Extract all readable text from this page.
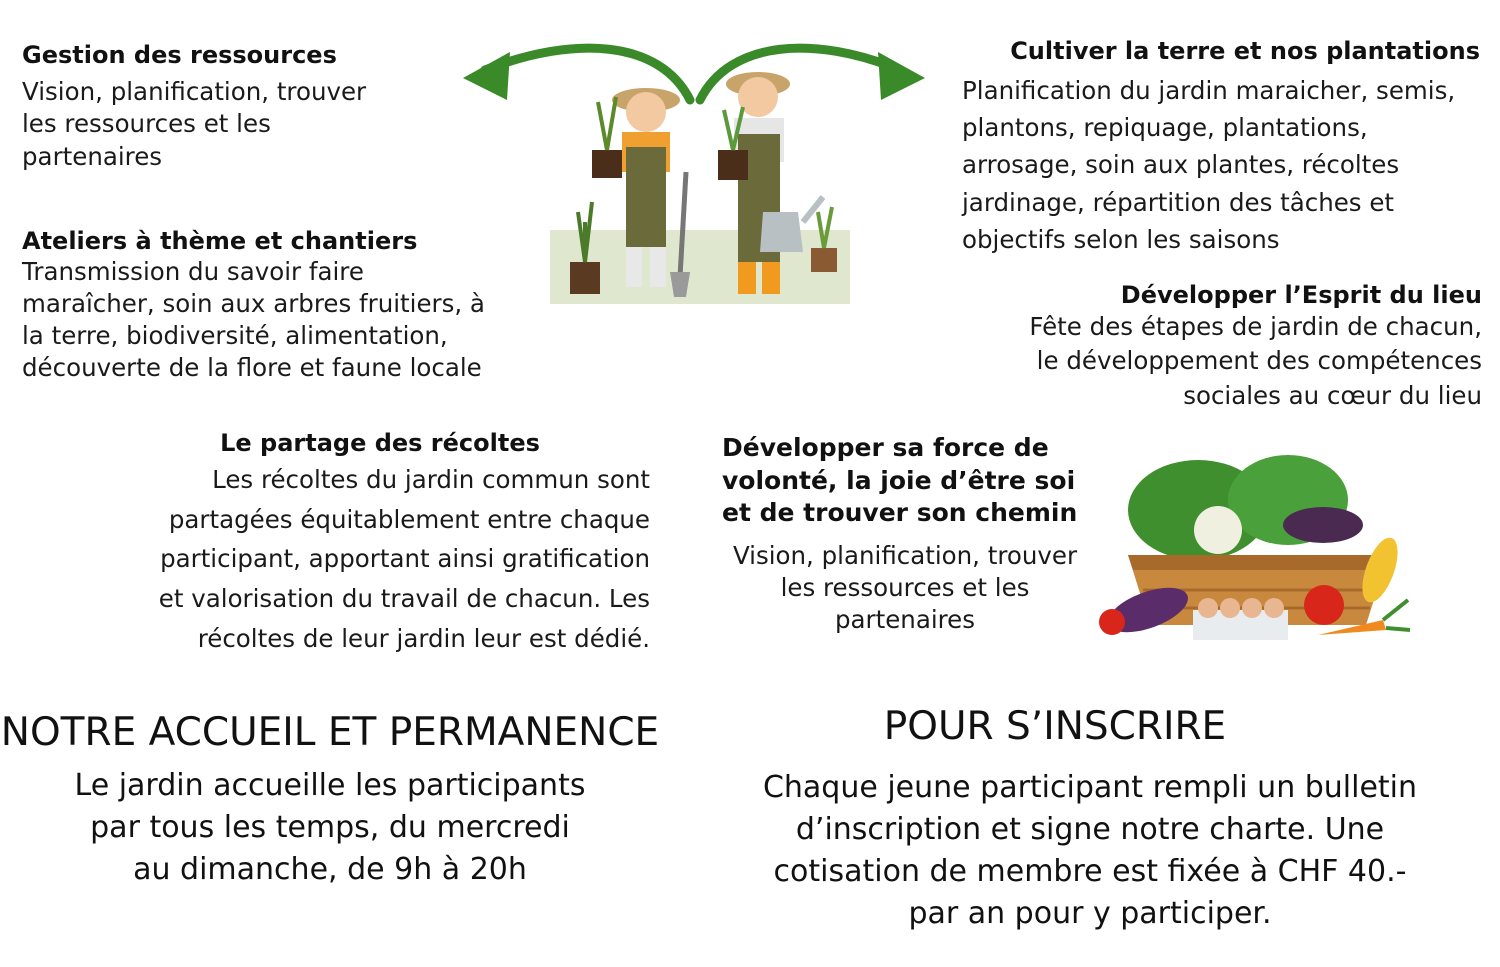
Gestion des ressources
Vision, planification, trouver les ressources et les partenaires
Ateliers à thème et chantiers
Transmission du savoir faire maraîcher, soin aux arbres fruitiers, à la terre, biodiversité, alimentation, découverte de la flore et faune locale
Le partage des récoltes
Les récoltes du jardin commun sont partagées équitablement entre chaque participant, apportant ainsi gratification et valorisation du travail de chacun. Les récoltes de leur jardin leur est dédié.
Cultiver la terre et nos plantations
Planification du jardin maraicher, semis, plantons, repiquage, plantations, arrosage, soin aux plantes, récoltes jardinage, répartition des tâches et objectifs selon les saisons
Développer l’Esprit du lieu
Fête des étapes de jardin de chacun, le développement des compétences sociales au cœur du lieu
Développer sa force de volonté, la joie d’être soi et de trouver son chemin
Vision, planification, trouver les ressources et les partenaires
NOTRE ACCUEIL ET PERMANENCE
Le jardin accueille les participants par tous les temps, du mercredi au dimanche, de 9h à 20h
POUR S’INSCRIRE
Chaque jeune participant rempli un bulletin d’inscription et signe notre charte. Une cotisation de membre est fixée à CHF 40.- par an pour y participer.
